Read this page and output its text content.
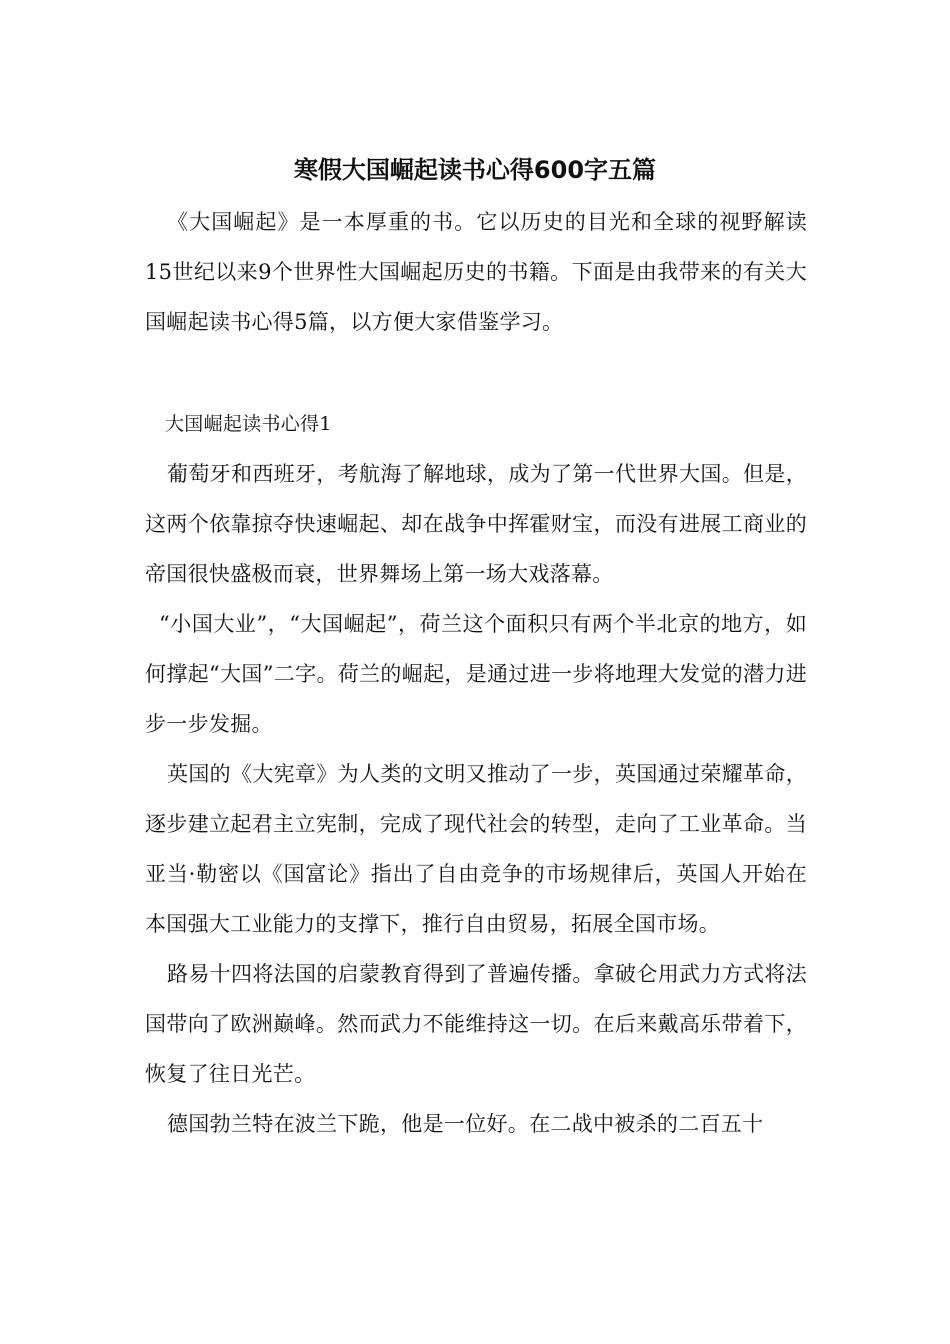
寒假大国崛起读书心得600字五篇

《大国崛起》是一本厚重的书。它以历史的目光和全球的视野解读15世纪以来9个世界性大国崛起历史的书籍。下面是由我带来的有关大国崛起读书心得5篇，以方便大家借鉴学习。

大国崛起读书心得1

葡萄牙和西班牙，考航海了解地球，成为了第一代世界大国。但是，这两个依靠掠夺快速崛起、却在战争中挥霍财宝，而没有进展工商业的帝国很快盛极而衰，世界舞场上第一场大戏落幕。

“小国大业”，“大国崛起”，荷兰这个面积只有两个半北京的地方，如何撑起“大国”二字。荷兰的崛起，是通过进一步将地理大发觉的潜力进步一步发掘。

英国的《大宪章》为人类的文明又推动了一步，英国通过荣耀革命，逐步建立起君主立宪制，完成了现代社会的转型，走向了工业革命。当亚当·勒密以《国富论》指出了自由竞争的市场规律后，英国人开始在本国强大工业能力的支撑下，推行自由贸易，拓展全国市场。

路易十四将法国的启蒙教育得到了普遍传播。拿破仑用武力方式将法国带向了欧洲巅峰。然而武力不能维持这一切。在后来戴高乐带着下，恢复了往日光芒。

德国勃兰特在波兰下跪，他是一位好。在二战中被杀的二百五十
